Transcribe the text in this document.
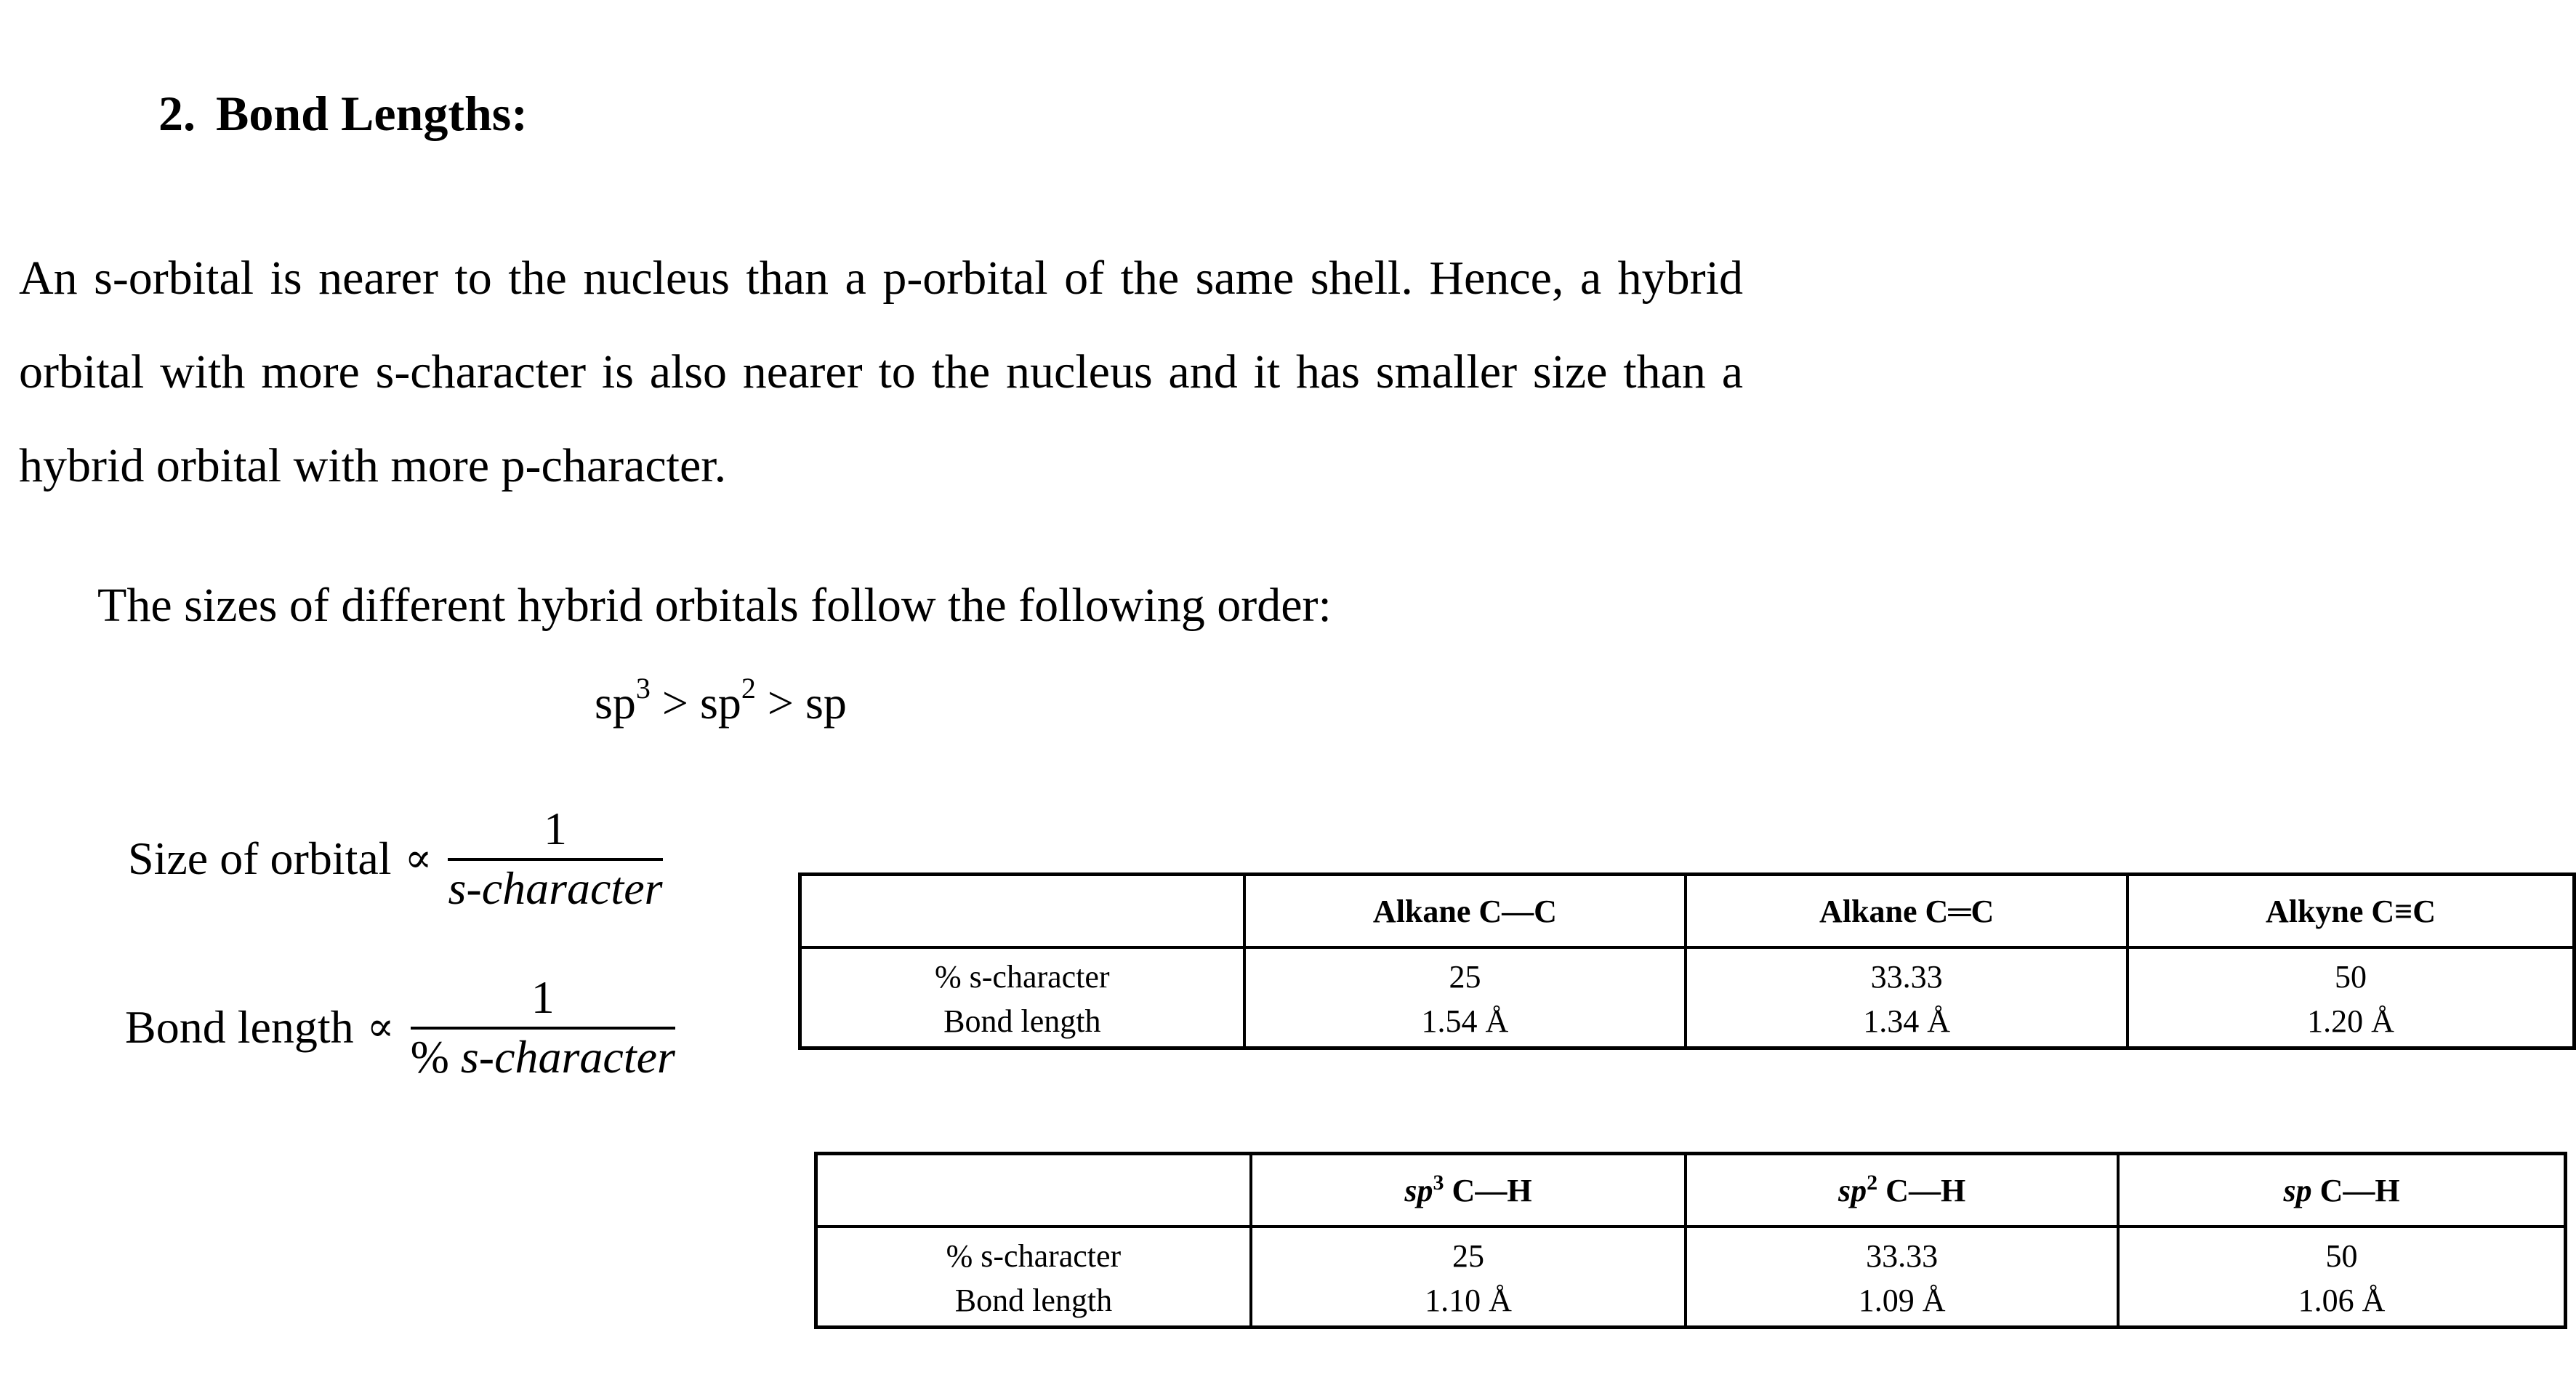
2. Bond Lengths:

An s-orbital is nearer to the nucleus than a p-orbital of the same shell. Hence, a hybrid orbital with more s-character is also nearer to the nucleus and it has smaller size than a hybrid orbital with more p-character.

The sizes of different hybrid orbitals follow the following order:

$sp^3 > sp^2$ > sp

Size of orbital ∝ $\frac{1}{\text{s-character}}$
Bond length ∝ $\frac{1}{\text{\% s-character}}$
	Alkane C—C	Alkane C═C	Alkyne C≡C
% s-character	25	33.33	50
Bond length	1.54 Å	1.34 Å	1.20 Å
	$sp^3$ C—H	$sp^2$ C—H	sp C—H
% s-character	25	33.33	50
Bond length	1.10 Å	1.09 Å	1.06 Å
